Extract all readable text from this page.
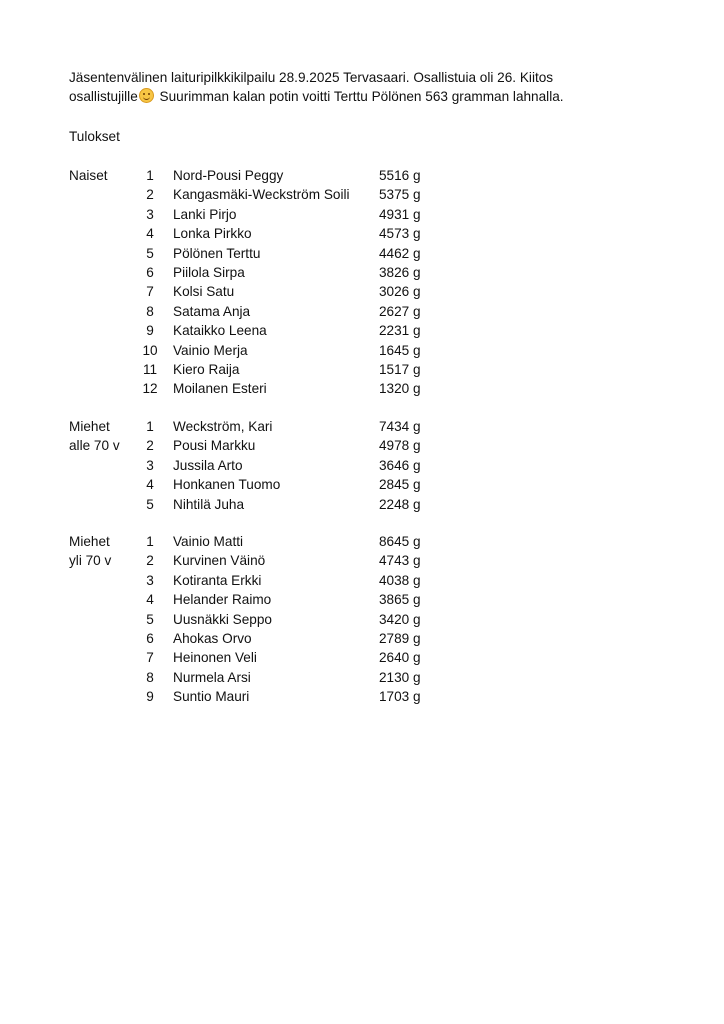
Jäsentenvälinen laituripilkkikilpailu 28.9.2025 Tervasaari. Osallistuia oli 26. Kiitos
osallistujille Suurimman kalan potin voitti Terttu Pölönen 563 gramman lahnalla.
Tulokset
Naiset	1	Nord-Pousi Peggy	5516 g
2	Kangasmäki-Weckström Soili 5375 g
3	Lanki Pirjo	4931 g
4	Lonka Pirkko	4573 g
5	Pölönen Terttu	4462 g
6	Piilola Sirpa	3826 g
7	Kolsi Satu	3026 g
8	Satama Anja	2627 g
9	Kataikko Leena	2231 g
10	Vainio Merja	1645 g
11	Kiero Raija	1517 g
12	Moilanen Esteri	1320 g
Miehet	1	Weckström, Kari	7434 g
alle 70 v	2	Pousi Markku	4978 g
3	Jussila Arto	3646 g
4	Honkanen Tuomo	2845 g
5	Nihtilä Juha	2248 g
Miehet	1	Vainio Matti	8645 g
yli 70 v	2	Kurvinen Väinö	4743 g
3	Kotiranta Erkki	4038 g
4	Helander Raimo	3865 g
5	Uusnäkki Seppo	3420 g
6	Ahokas Orvo	2789 g
7	Heinonen Veli	2640 g
8	Nurmela Arsi	2130 g
9	Suntio Mauri	1703 g
